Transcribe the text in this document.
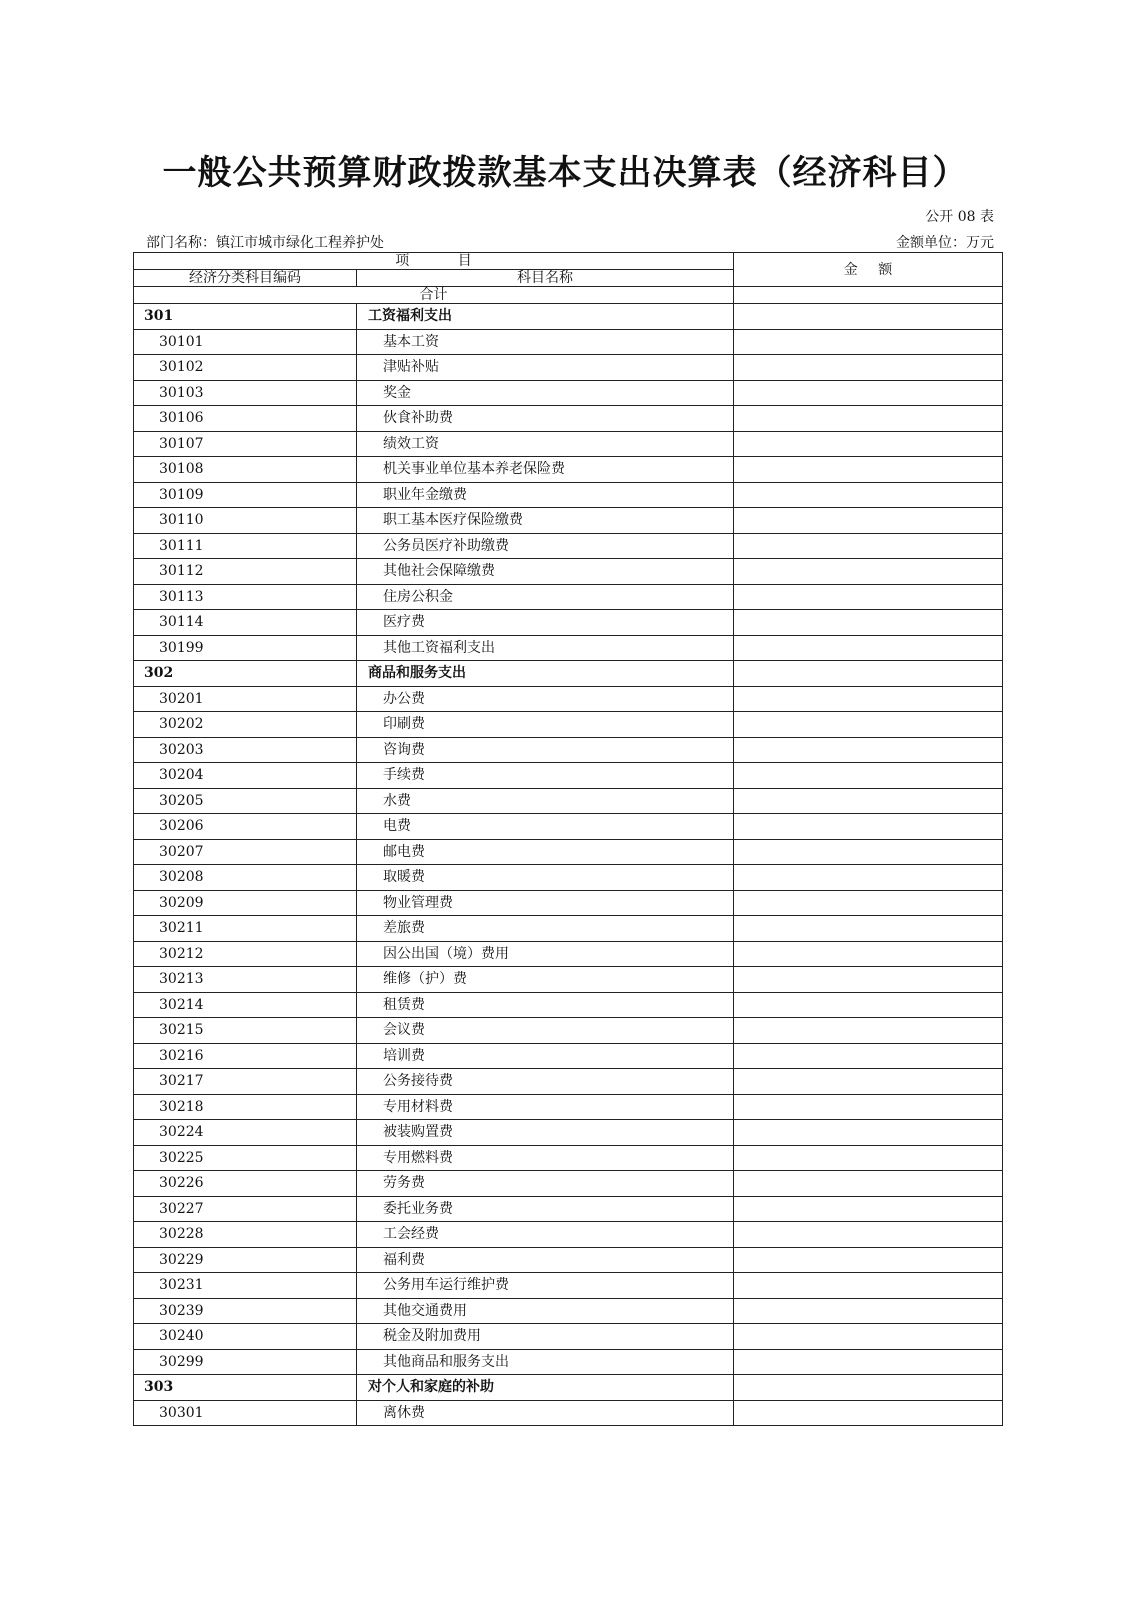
一般公共预算财政拨款基本支出决算表（经济科目）
公开 08 表
部门名称：镇江市城市绿化工程养护处	金额单位：万元
项 目		金 额
经济分类科目编码	科目名称	
合计		
301	工资福利支出	
30101	基本工资	
30102	津贴补贴	
30103	奖金	
30106	伙食补助费	
30107	绩效工资	
30108	机关事业单位基本养老保险费	
30109	职业年金缴费	
30110	职工基本医疗保险缴费	
30111	公务员医疗补助缴费	
30112	其他社会保障缴费	
30113	住房公积金	
30114	医疗费	
30199	其他工资福利支出	
302	商品和服务支出	
30201	办公费	
30202	印刷费	
30203	咨询费	
30204	手续费	
30205	水费	
30206	电费	
30207	邮电费	
30208	取暖费	
30209	物业管理费	
30211	差旅费	
30212	因公出国（境）费用	
30213	维修（护）费	
30214	租赁费	
30215	会议费	
30216	培训费	
30217	公务接待费	
30218	专用材料费	
30224	被装购置费	
30225	专用燃料费	
30226	劳务费	
30227	委托业务费	
30228	工会经费	
30229	福利费	
30231	公务用车运行维护费	
30239	其他交通费用	
30240	税金及附加费用	
30299	其他商品和服务支出	
303	对个人和家庭的补助	
30301	离休费	
